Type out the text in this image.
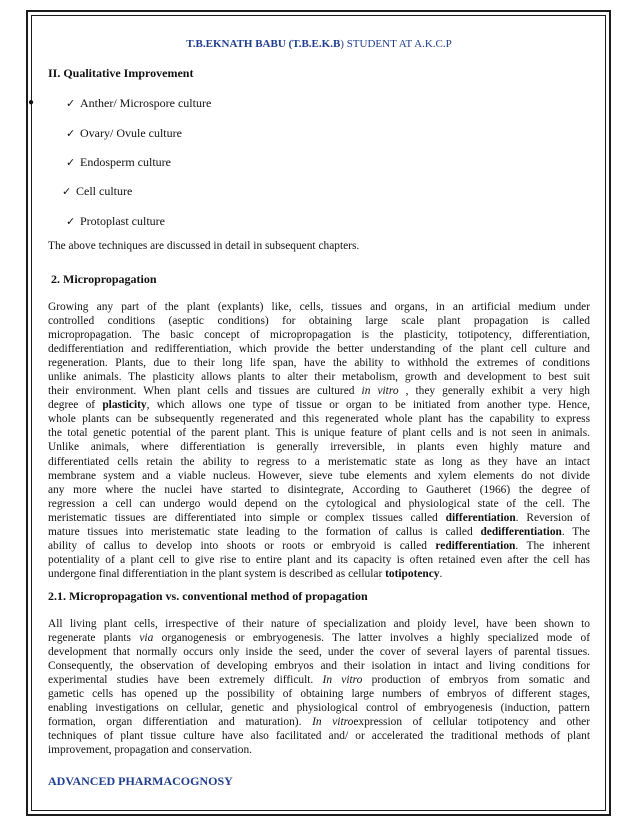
T.B.EKNATH BABU (T.B.E.K.B) STUDENT AT A.K.C.P
II. Qualitative Improvement
●	✓ Anther/ Microspore culture
✓ Ovary/ Ovule culture
✓ Endosperm culture
✓ Cell culture
✓ Protoplast culture
The above techniques are discussed in detail in subsequent chapters.
2. Micropropagation
Growing any part of the plant (explants) like, cells, tissues and organs, in an artificial medium under
controlled conditions (aseptic conditions) for obtaining large scale plant propagation is called
micropropagation. The basic concept of micropropagation is the plasticity, totipotency, differentiation,
dedifferentiation and redifferentiation, which provide the better understanding of the plant cell culture and
regeneration. Plants, due to their long life span, have the ability to withhold the extremes of conditions
unlike animals. The plasticity allows plants to alter their metabolism, growth and development to best suit
their environment. When plant cells and tissues are cultured in vitro , they generally exhibit a very high
degree of plasticity, which allows one type of tissue or organ to be initiated from another type. Hence,
whole plants can be subsequently regenerated and this regenerated whole plant has the capability to express
the total genetic potential of the parent plant. This is unique feature of plant cells and is not seen in animals.
Unlike animals, where differentiation is generally irreversible, in plants even highly mature and
differentiated cells retain the ability to regress to a meristematic state as long as they have an intact
membrane system and a viable nucleus. However, sieve tube elements and xylem elements do not divide
any more where the nuclei have started to disintegrate, According to Gautheret (1966) the degree of
regression a cell can undergo would depend on the cytological and physiological state of the cell. The
meristematic tissues are differentiated into simple or complex tissues called differentiation. Reversion of
mature tissues into meristematic state leading to the formation of callus is called dedifferentiation. The
ability of callus to develop into shoots or roots or embryoid is called redifferentiation. The inherent
potentiality of a plant cell to give rise to entire plant and its capacity is often retained even after the cell has
undergone final differentiation in the plant system is described as cellular totipotency.
2.1. Micropropagation vs. conventional method of propagation
All living plant cells, irrespective of their nature of specialization and ploidy level, have been shown to
regenerate plants via organogenesis or embryogenesis. The latter involves a highly specialized mode of
development that normally occurs only inside the seed, under the cover of several layers of parental tissues.
Consequently, the observation of developing embryos and their isolation in intact and living conditions for
experimental studies have been extremely difficult. In vitro production of embryos from somatic and
gametic cells has opened up the possibility of obtaining large numbers of embryos of different stages,
enabling investigations on cellular, genetic and physiological control of embryogenesis (induction, pattern
formation, organ differentiation and maturation). In vitroexpression of cellular totipotency and other
techniques of plant tissue culture have also facilitated and/ or accelerated the traditional methods of plant
improvement, propagation and conservation.
ADVANCED PHARMACOGNOSY
